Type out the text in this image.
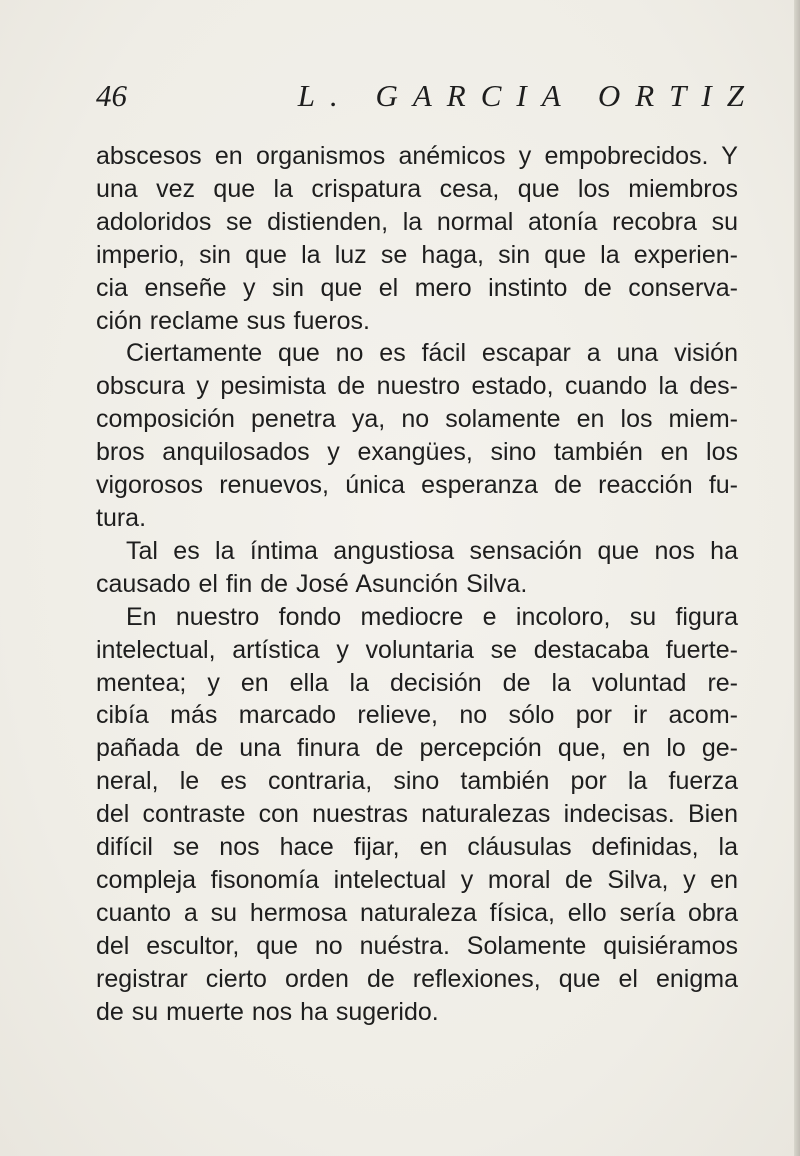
46	L. GARCIA ORTIZ

abscesos en organismos anémicos y empobrecidos. Y
una vez que la crispatura cesa, que los miembros
adoloridos se distienden, la normal atonía recobra su
imperio, sin que la luz se haga, sin que la experien-
cia enseñe y sin que el mero instinto de conserva-
ción reclame sus fueros.

Ciertamente que no es fácil escapar a una visión
obscura y pesimista de nuestro estado, cuando la des-
composición penetra ya, no solamente en los miem-
bros anquilosados y exangües, sino también en los
vigorosos renuevos, única esperanza de reacción fu-
tura.

Tal es la íntima angustiosa sensación que nos ha
causado el fin de José Asunción Silva.

En nuestro fondo mediocre e incoloro, su figura
intelectual, artística y voluntaria se destacaba fuerte-
mentea; y en ella la decisión de la voluntad re-
cibía más marcado relieve, no sólo por ir acom-
pañada de una finura de percepción que, en lo ge-
neral, le es contraria, sino también por la fuerza
del contraste con nuestras naturalezas indecisas. Bien
difícil se nos hace fijar, en cláusulas definidas, la
compleja fisonomía intelectual y moral de Silva, y en
cuanto a su hermosa naturaleza física, ello sería obra
del escultor, que no nuéstra. Solamente quisiéramos
registrar cierto orden de reflexiones, que el enigma
de su muerte nos ha sugerido.
